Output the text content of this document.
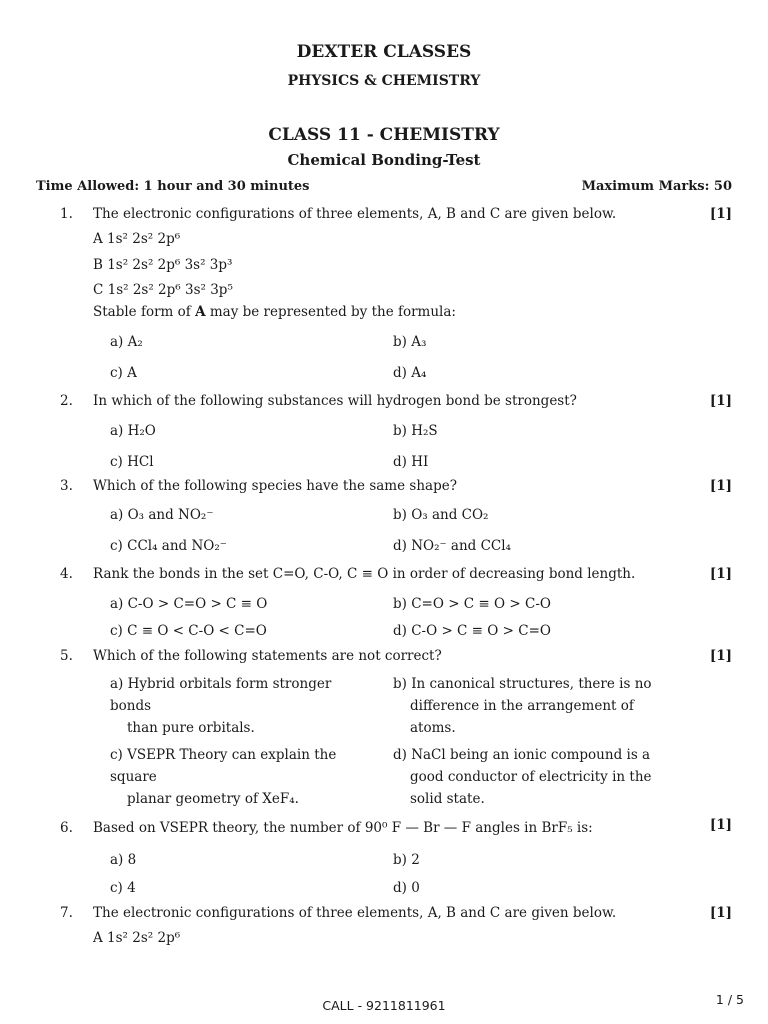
DEXTER CLASSES
PHYSICS & CHEMISTRY
CLASS 11 - CHEMISTRY
Chemical Bonding-Test
Time Allowed: 1 hour and 30 minutes	Maximum Marks: 50
1. The electronic configurations of three elements, A, B and C are given below.	[1]
A 1s² 2s² 2p⁶
B 1s² 2s² 2p⁶ 3s² 3p³
C 1s² 2s² 2p⁶ 3s² 3p⁵
Stable form of A may be represented by the formula:
a) A₂	b) A₃
c) A	d) A₄
2. In which of the following substances will hydrogen bond be strongest?	[1]
a) H₂O	b) H₂S
c) HCl	d) HI
3. Which of the following species have the same shape?	[1]
a) O₃ and NO₂⁻	b) O₃ and CO₂
c) CCl₄ and NO₂⁻	d) NO₂⁻ and CCl₄
4. Rank the bonds in the set C=O, C-O, C ≡ O in order of decreasing bond length.	[1]
a) C-O > C=O > C ≡ O	b) C=O > C ≡ O > C-O
c) C ≡ O < C-O < C=O	d) C-O > C ≡ O > C=O
5. Which of the following statements are not correct?	[1]
a) Hybrid orbitals form stronger bonds
than pure orbitals.
b) In canonical structures, there is no
difference in the arrangement of
atoms.
c) VSEPR Theory can explain the square
planar geometry of XeF₄.
d) NaCl being an ionic compound is a
good conductor of electricity in the
solid state.
6. Based on VSEPR theory, the number of 90⁰ F — Br — F angles in BrF₅ is:	[1]
a) 8	b) 2
c) 4	d) 0
7. The electronic configurations of three elements, A, B and C are given below.	[1]
A 1s² 2s² 2p⁶
CALL - 9211811961	1 / 5
